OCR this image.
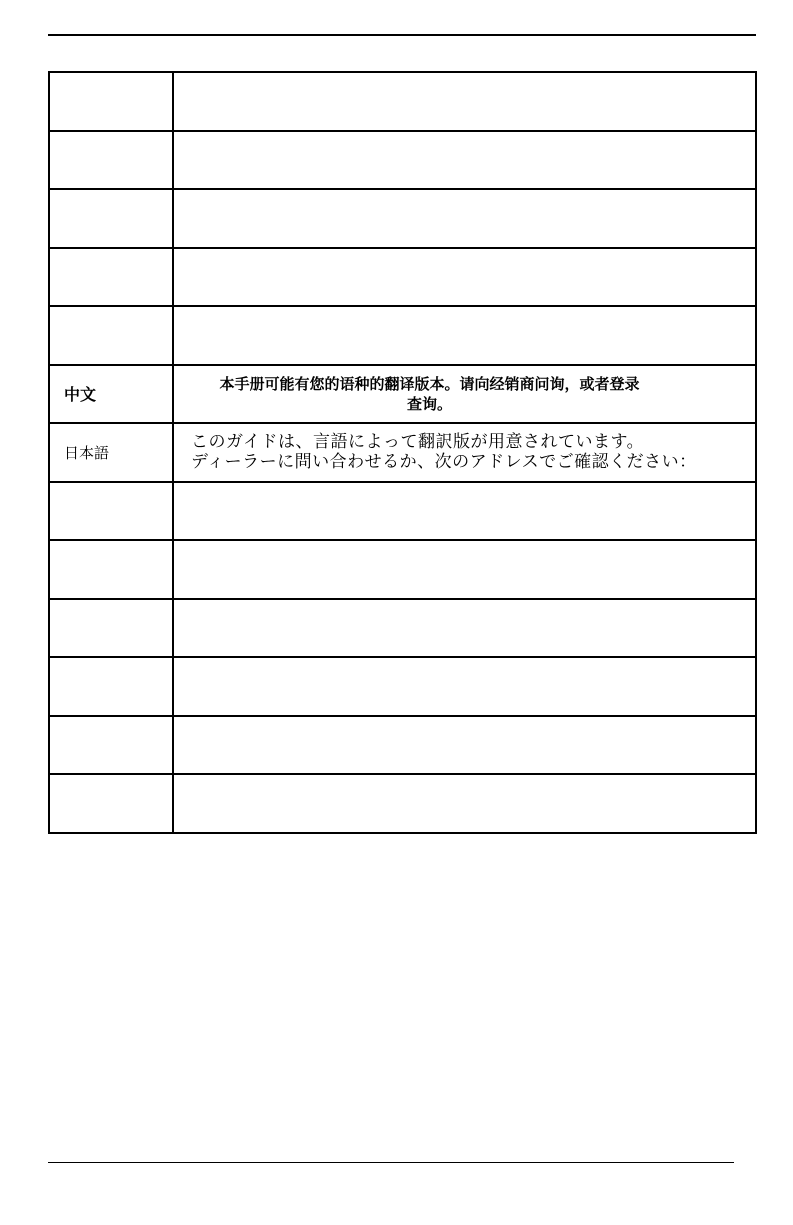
中文	本手册可能有您的语种的翻译版本。请向经销商问询，或者登录
查询。

日本語	このガイドは、言語によって翻訳版が用意されています。
ディーラーに問い合わせるか、次のアドレスでご確認ください：
